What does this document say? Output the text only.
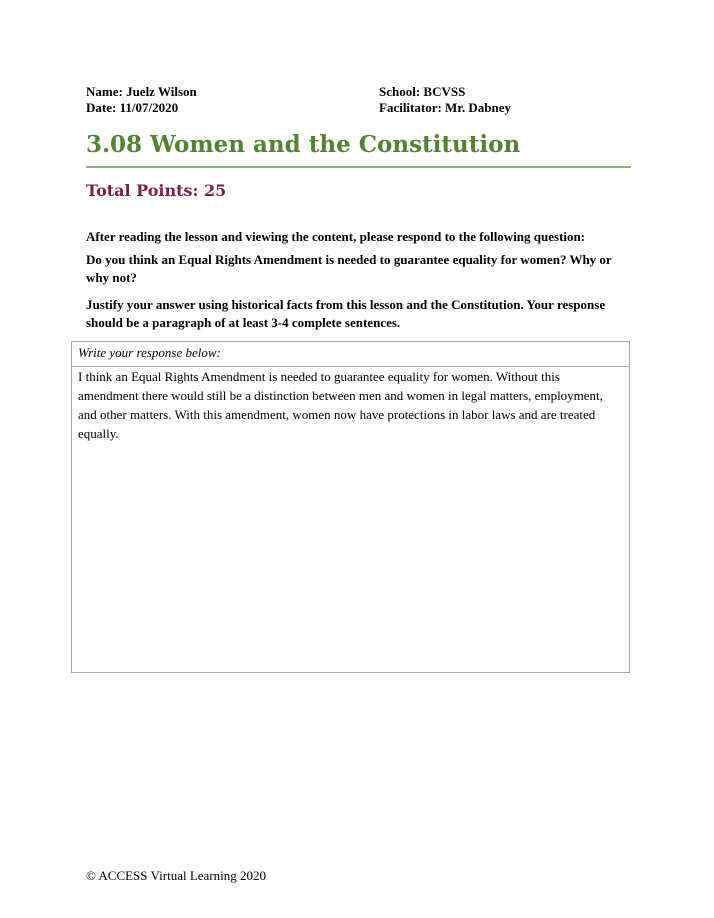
Name: Juelz Wilson
Date: 11/07/2020
School: BCVSS
Facilitator: Mr. Dabney
3.08 Women and the Constitution
Total Points: 25

After reading the lesson and viewing the content, please respond to the following question:

Do you think an Equal Rights Amendment is needed to guarantee equality for women? Why or why not?

Justify your answer using historical facts from this lesson and the Constitution. Your response should be a paragraph of at least 3-4 complete sentences.

Write your response below:

I think an Equal Rights Amendment is needed to guarantee equality for women. Without this amendment there would still be a distinction between men and women in legal matters, employment, and other matters. With this amendment, women now have protections in labor laws and are treated equally.

© ACCESS Virtual Learning 2020
